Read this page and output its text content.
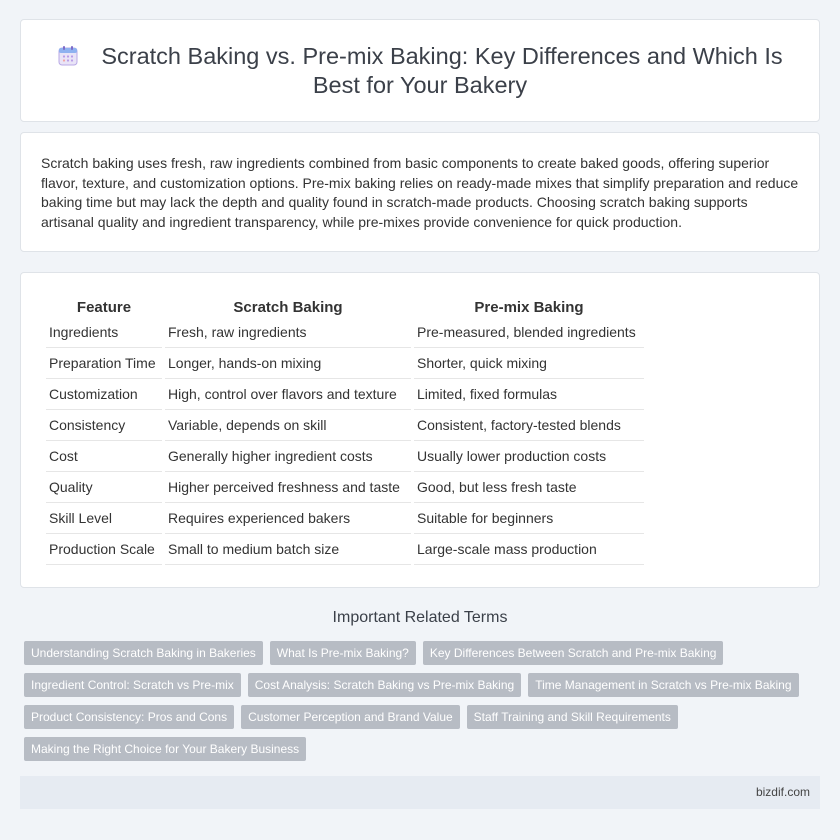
Scratch Baking vs. Pre-mix Baking: Key Differences and Which Is Best for Your Bakery

Scratch baking uses fresh, raw ingredients combined from basic components to create baked goods, offering superior flavor, texture, and customization options. Pre-mix baking relies on ready-made mixes that simplify preparation and reduce baking time but may lack the depth and quality found in scratch-made products. Choosing scratch baking supports artisanal quality and ingredient transparency, while pre-mixes provide convenience for quick production.

Feature	Scratch Baking	Pre-mix Baking
Ingredients	Fresh, raw ingredients	Pre-measured, blended ingredients
Preparation Time	Longer, hands-on mixing	Shorter, quick mixing
Customization	High, control over flavors and texture	Limited, fixed formulas
Consistency	Variable, depends on skill	Consistent, factory-tested blends
Cost	Generally higher ingredient costs	Usually lower production costs
Quality	Higher perceived freshness and taste	Good, but less fresh taste
Skill Level	Requires experienced bakers	Suitable for beginners
Production Scale	Small to medium batch size	Large-scale mass production
Important Related Terms
Understanding Scratch Baking in Bakeries	What Is Pre-mix Baking?	Key Differences Between Scratch and Pre-mix Baking
Ingredient Control: Scratch vs Pre-mix	Cost Analysis: Scratch Baking vs Pre-mix Baking	Time Management in Scratch vs Pre-mix Baking
Product Consistency: Pros and Cons	Customer Perception and Brand Value	Staff Training and Skill Requirements
Making the Right Choice for Your Bakery Business
bizdif.com
